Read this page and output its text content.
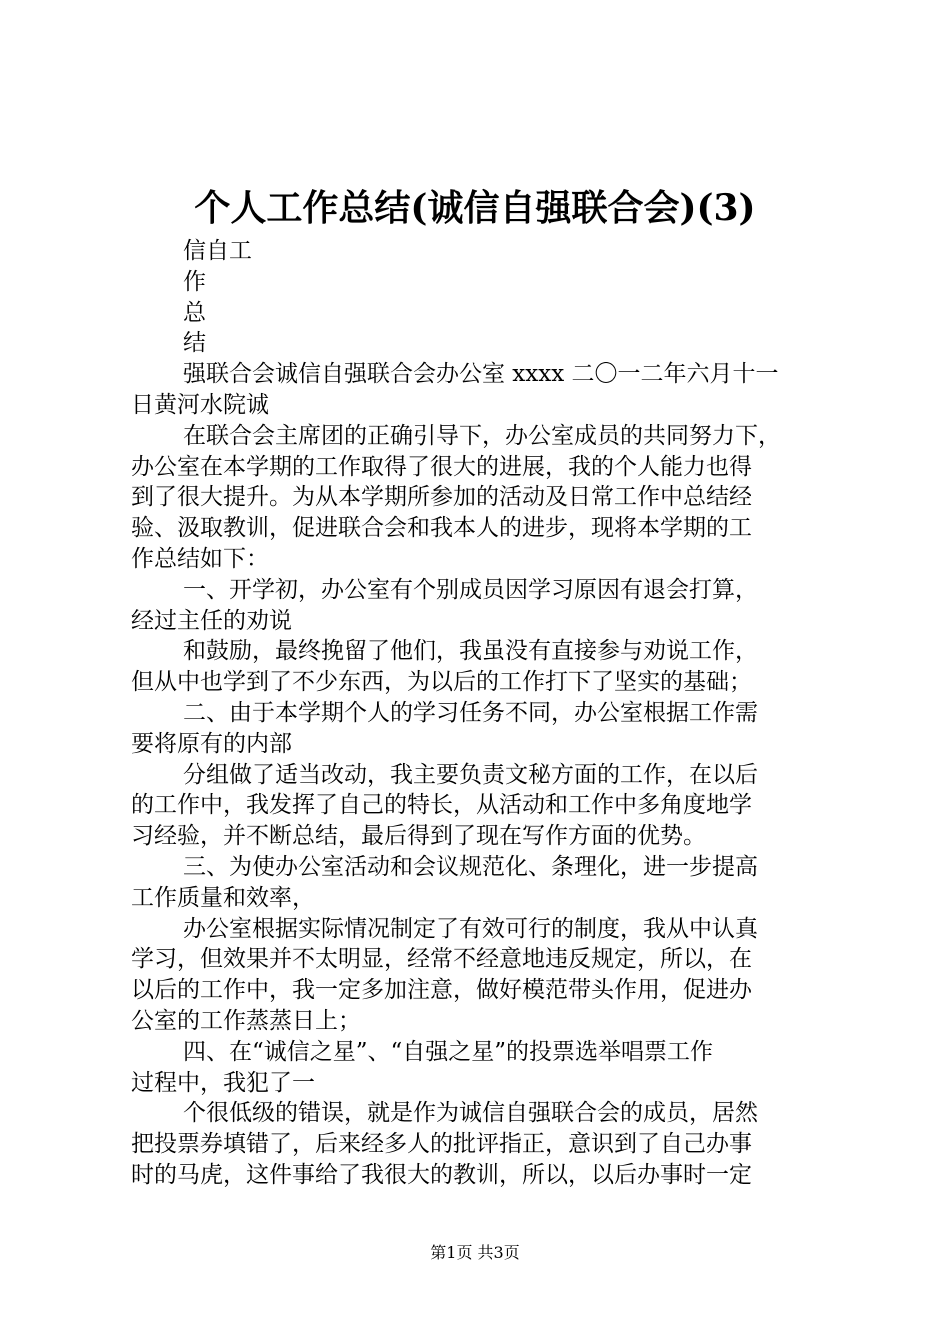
个人工作总结(诚信自强联合会)(3)
信自工
作
总
结
强联合会诚信自强联合会办公室 xxxx 二〇一二年六月十一
日黄河水院诚
在联合会主席团的正确引导下，办公室成员的共同努力下，
办公室在本学期的工作取得了很大的进展，我的个人能力也得
到了很大提升。为从本学期所参加的活动及日常工作中总结经
验、汲取教训，促进联合会和我本人的进步，现将本学期的工
作总结如下：
一、开学初，办公室有个别成员因学习原因有退会打算，
经过主任的劝说
和鼓励，最终挽留了他们，我虽没有直接参与劝说工作，
但从中也学到了不少东西，为以后的工作打下了坚实的基础；
二、由于本学期个人的学习任务不同，办公室根据工作需
要将原有的内部
分组做了适当改动，我主要负责文秘方面的工作，在以后
的工作中，我发挥了自己的特长，从活动和工作中多角度地学
习经验，并不断总结，最后得到了现在写作方面的优势。
三、为使办公室活动和会议规范化、条理化，进一步提高
工作质量和效率，
办公室根据实际情况制定了有效可行的制度，我从中认真
学习，但效果并不太明显，经常不经意地违反规定，所以，在
以后的工作中，我一定多加注意，做好模范带头作用，促进办
公室的工作蒸蒸日上；
四、在“诚信之星”、“自强之星”的投票选举唱票工作
过程中，我犯了一
个很低级的错误，就是作为诚信自强联合会的成员，居然
把投票券填错了，后来经多人的批评指正，意识到了自己办事
时的马虎，这件事给了我很大的教训，所以，以后办事时一定
第1页 共3页
